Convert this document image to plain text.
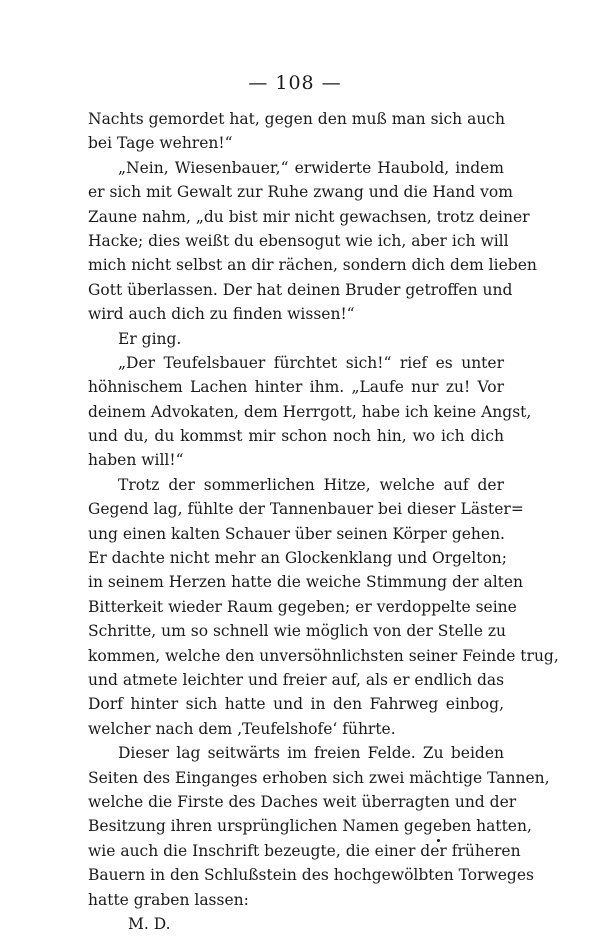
— 108 —
Nachts gemordet hat, gegen den muß man sich auch
bei Tage wehren!“
„Nein, Wiesenbauer,“ erwiderte Haubold, indem
er sich mit Gewalt zur Ruhe zwang und die Hand vom
Zaune nahm, „du bist mir nicht gewachsen, trotz deiner
Hacke; dies weißt du ebensogut wie ich, aber ich will
mich nicht selbst an dir rächen, sondern dich dem lieben
Gott überlassen. Der hat deinen Bruder getroffen und
wird auch dich zu finden wissen!“
Er ging.
„Der Teufelsbauer fürchtet sich!“ rief es unter
höhnischem Lachen hinter ihm. „Laufe nur zu! Vor
deinem Advokaten, dem Herrgott, habe ich keine Angst,
und du, du kommst mir schon noch hin, wo ich dich
haben will!“
Trotz der sommerlichen Hitze, welche auf der
Gegend lag, fühlte der Tannenbauer bei dieser Läster=
ung einen kalten Schauer über seinen Körper gehen.
Er dachte nicht mehr an Glockenklang und Orgelton;
in seinem Herzen hatte die weiche Stimmung der alten
Bitterkeit wieder Raum gegeben; er verdoppelte seine
Schritte, um so schnell wie möglich von der Stelle zu
kommen, welche den unversöhnlichsten seiner Feinde trug,
und atmete leichter und freier auf, als er endlich das
Dorf hinter sich hatte und in den Fahrweg einbog,
welcher nach dem ‚Teufelshofe‘ führte.
Dieser lag seitwärts im freien Felde. Zu beiden
Seiten des Einganges erhoben sich zwei mächtige Tannen,
welche die Firste des Daches weit überragten und der
Besitzung ihren ursprünglichen Namen gegeben hatten,
wie auch die Inschrift bezeugte, die einer der früheren
Bauern in den Schlußstein des hochgewölbten Torweges
hatte graben lassen:
M. D.
